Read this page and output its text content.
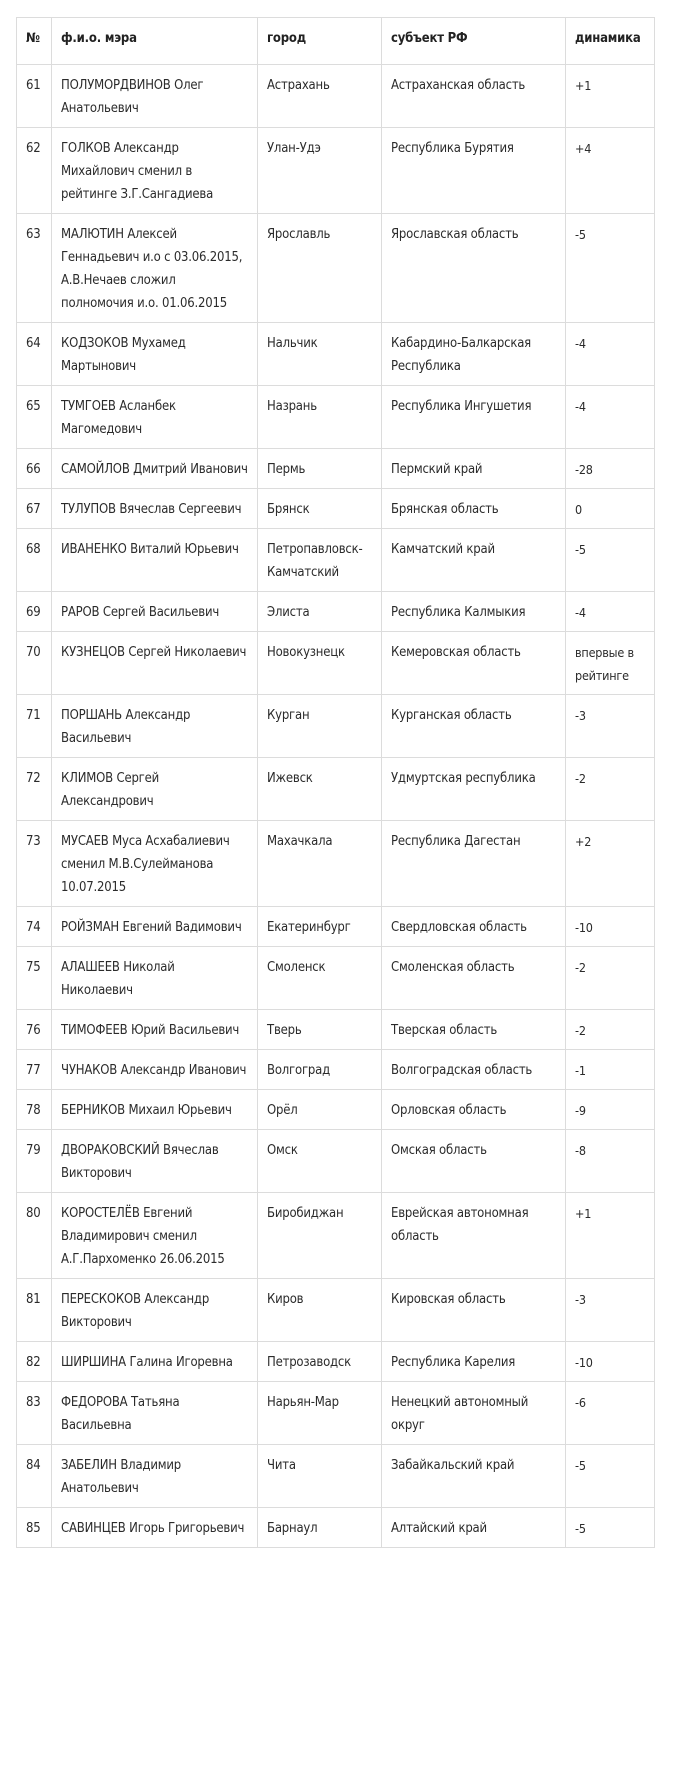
№	ф.и.о. мэра	город	субъект РФ	динамика
61	ПОЛУМОРДВИНОВ Олег Анатольевич	Астрахань	Астраханская область	+1
62	ГОЛКОВ Александр Михайлович сменил в рейтинге З.Г.Сангадиева	Улан-Удэ	Республика Бурятия	+4
63	МАЛЮТИН Алексей Геннадьевич и.о с 03.06.2015, А.В.Нечаев сложил полномочия и.о. 01.06.2015	Ярославль	Ярославская область	-5
64	КОДЗОКОВ Мухамед Мартынович	Нальчик	Кабардино-Балкарская Республика	-4
65	ТУМГОЕВ Асланбек Магомедович	Назрань	Республика Ингушетия	-4
66	САМОЙЛОВ Дмитрий Иванович	Пермь	Пермский край	-28
67	ТУЛУПОВ Вячеслав Сергеевич	Брянск	Брянская область	0
68	ИВАНЕНКО Виталий Юрьевич	Петропавловск-Камчатский	Камчатский край	-5
69	РАРОВ Сергей Васильевич	Элиста	Республика Калмыкия	-4
70	КУЗНЕЦОВ Сергей Николаевич	Новокузнецк	Кемеровская область	впервые в рейтинге
71	ПОРШАНЬ Александр Васильевич	Курган	Курганская область	-3
72	КЛИМОВ Сергей Александрович	Ижевск	Удмуртская республика	-2
73	МУСАЕВ Муса Асхабалиевич сменил М.В.Сулейманова 10.07.2015	Махачкала	Республика Дагестан	+2
74	РОЙЗМАН Евгений Вадимович	Екатеринбург	Свердловская область	-10
75	АЛАШЕЕВ Николай Николаевич	Смоленск	Смоленская область	-2
76	ТИМОФЕЕВ Юрий Васильевич	Тверь	Тверская область	-2
77	ЧУНАКОВ Александр Иванович	Волгоград	Волгоградская область	-1
78	БЕРНИКОВ Михаил Юрьевич	Орёл	Орловская область	-9
79	ДВОРАКОВСКИЙ Вячеслав Викторович	Омск	Омская область	-8
80	КОРОСТЕЛЁВ Евгений Владимирович сменил А.Г.Пархоменко 26.06.2015	Биробиджан	Еврейская автономная область	+1
81	ПЕРЕСКОКОВ Александр Викторович	Киров	Кировская область	-3
82	ШИРШИНА Галина Игоревна	Петрозаводск	Республика Карелия	-10
83	ФЕДОРОВА Татьяна Васильевна	Нарьян-Мар	Ненецкий автономный округ	-6
84	ЗАБЕЛИН Владимир Анатольевич	Чита	Забайкальский край	-5
85	САВИНЦЕВ Игорь Григорьевич	Барнаул	Алтайский край	-5
